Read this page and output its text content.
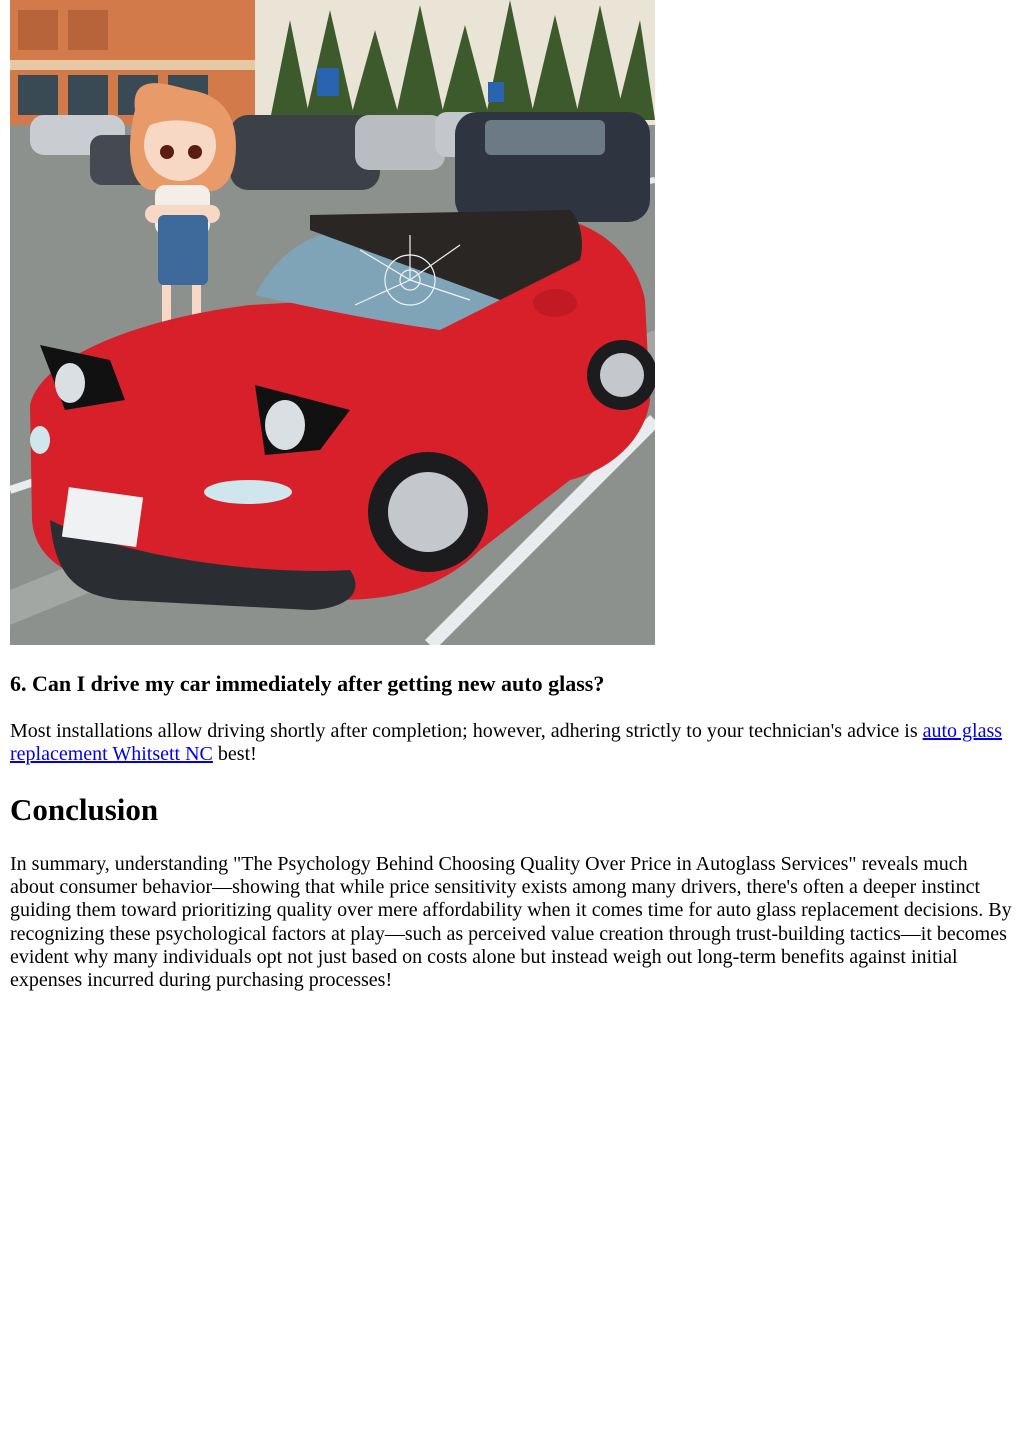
6. Can I drive my car immediately after getting new auto glass?

Most installations allow driving shortly after completion; however, adhering strictly to your technician's advice is auto glass replacement Whitsett NC best!

Conclusion

In summary, understanding "The Psychology Behind Choosing Quality Over Price in Autoglass Services" reveals much about consumer behavior—showing that while price sensitivity exists among many drivers, there's often a deeper instinct guiding them toward prioritizing quality over mere affordability when it comes time for auto glass replacement decisions. By recognizing these psychological factors at play—such as perceived value creation through trust-building tactics—it becomes evident why many individuals opt not just based on costs alone but instead weigh out long-term benefits against initial expenses incurred during purchasing processes!
